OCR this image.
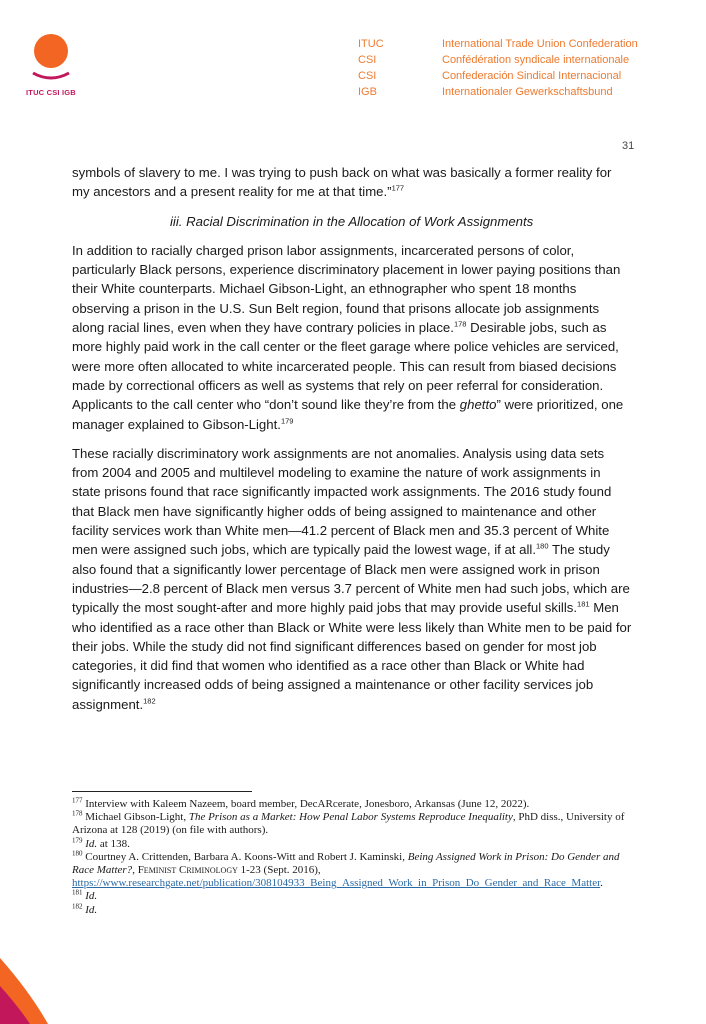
ITUC CSI IGB
ITUC	International Trade Union Confederation
CSI	Confédération syndicale internationale
CSI	Confederación Sindical Internacional
IGB	Internationaler Gewerkschaftsbund
31

symbols of slavery to me. I was trying to push back on what was basically a former reality for my ancestors and a present reality for me at that time.”$^{177}$

iii. Racial Discrimination in the Allocation of Work Assignments

In addition to racially charged prison labor assignments, incarcerated persons of color, particularly Black persons, experience discriminatory placement in lower paying positions than their White counterparts. Michael Gibson-Light, an ethnographer who spent 18 months observing a prison in the U.S. Sun Belt region, found that prisons allocate job assignments along racial lines, even when they have contrary policies in place.$^{178}$ Desirable jobs, such as more highly paid work in the call center or the fleet garage where police vehicles are serviced, were more often allocated to white incarcerated people. This can result from biased decisions made by correctional officers as well as systems that rely on peer referral for consideration. Applicants to the call center who “don’t sound like they’re from the ghetto” were prioritized, one manager explained to Gibson-Light.$^{179}$

These racially discriminatory work assignments are not anomalies. Analysis using data sets from 2004 and 2005 and multilevel modeling to examine the nature of work assignments in state prisons found that race significantly impacted work assignments. The 2016 study found that Black men have significantly higher odds of being assigned to maintenance and other facility services work than White men—41.2 percent of Black men and 35.3 percent of White men were assigned such jobs, which are typically paid the lowest wage, if at all.$^{180}$ The study also found that a significantly lower percentage of Black men were assigned work in prison industries—2.8 percent of Black men versus 3.7 percent of White men had such jobs, which are typically the most sought-after and more highly paid jobs that may provide useful skills.$^{181}$ Men who identified as a race other than Black or White were less likely than White men to be paid for their jobs. While the study did not find significant differences based on gender for most job categories, it did find that women who identified as a race other than Black or White had significantly increased odds of being assigned a maintenance or other facility services job assignment.$^{182}$

$^{177}$ Interview with Kaleem Nazeem, board member, DecARcerate, Jonesboro, Arkansas (June 12, 2022).

$^{178}$ Michael Gibson-Light, The Prison as a Market: How Penal Labor Systems Reproduce Inequality, PhD diss., University of Arizona at 128 (2019) (on file with authors).

$^{179}$ Id. at 138.

$^{180}$ Courtney A. Crittenden, Barbara A. Koons-Witt and Robert J. Kaminski, Being Assigned Work in Prison: Do Gender and Race Matter?, Feminist Criminology 1-23 (Sept. 2016), https://www.researchgate.net/publication/308104933_Being_Assigned_Work_in_Prison_Do_Gender_and_Race_Matter.

$^{181}$ Id.

$^{182}$ Id.
